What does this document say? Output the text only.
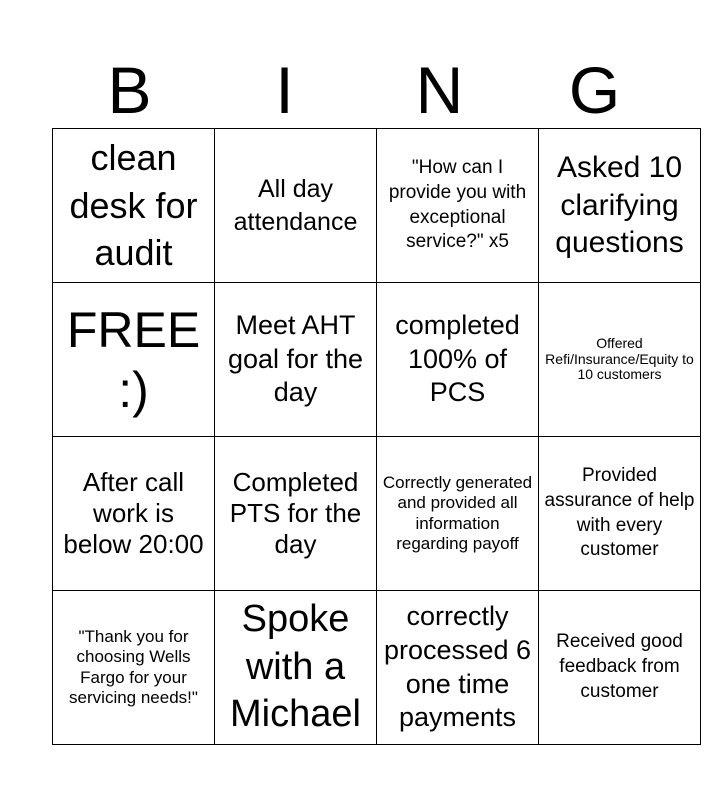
B	I	N	G
clean desk for audit	All day attendance	"How can I provide you with exceptional service?" x5	Asked 10 clarifying questions
FREE :)	Meet AHT goal for the day	completed 100% of PCS	Offered Refi/Insurance/Equity to 10 customers
After call work is below 20:00	Completed PTS for the day	Correctly generated and provided all information regarding payoff	Provided assurance of help with every customer
"Thank you for choosing Wells Fargo for your servicing needs!"	Spoke with a Michael	correctly processed 6 one time payments	Received good feedback from customer
